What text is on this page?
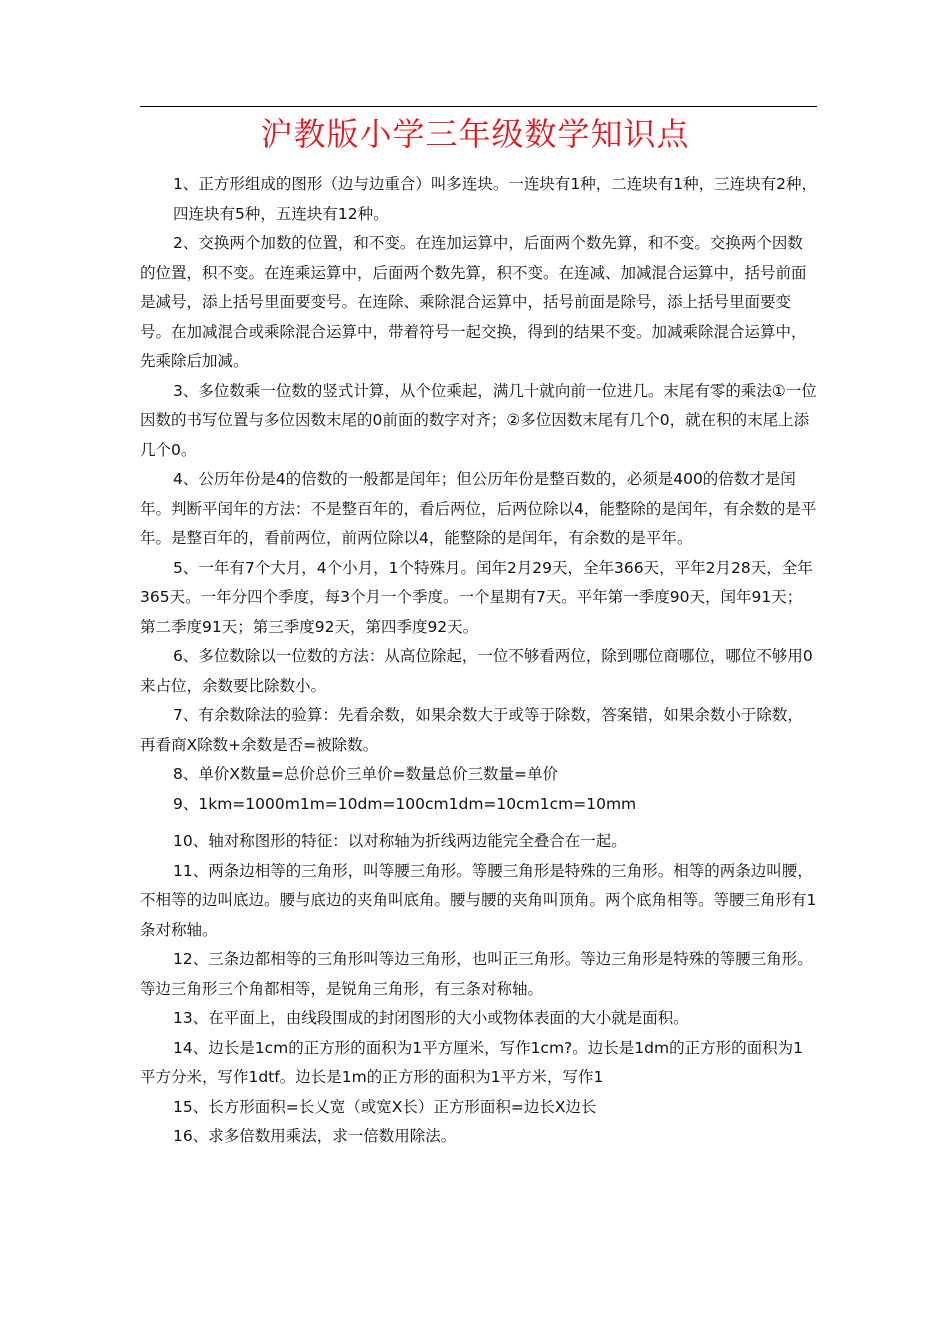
沪教版小学三年级数学知识点

1、正方形组成的图形（边与边重合）叫多连块。一连块有1种，二连块有1种，三连块有2种，四连块有5种，五连块有12种。

2、交换两个加数的位置，和不变。在连加运算中，后面两个数先算，和不变。交换两个因数的位置，积不变。在连乘运算中，后面两个数先算，积不变。在连减、加减混合运算中，括号前面是减号，添上括号里面要变号。在连除、乘除混合运算中，括号前面是除号，添上括号里面要变号。在加减混合或乘除混合运算中，带着符号一起交换，得到的结果不变。加减乘除混合运算中，先乘除后加减。

3、多位数乘一位数的竖式计算，从个位乘起，满几十就向前一位进几。末尾有零的乘法①一位因数的书写位置与多位因数末尾的0前面的数字对齐；②多位因数末尾有几个0，就在积的末尾上添几个0。

4、公历年份是4的倍数的一般都是闰年；但公历年份是整百数的，必须是400的倍数才是闰年。判断平闰年的方法：不是整百年的，看后两位，后两位除以4，能整除的是闰年，有余数的是平年。是整百年的，看前两位，前两位除以4，能整除的是闰年，有余数的是平年。

5、一年有7个大月，4个小月，1个特殊月。闰年2月29天，全年366天，平年2月28天，全年365天。一年分四个季度，每3个月一个季度。一个星期有7天。平年第一季度90天，闰年91天；第二季度91天；第三季度92天，第四季度92天。

6、多位数除以一位数的方法：从高位除起，一位不够看两位，除到哪位商哪位，哪位不够用0来占位，余数要比除数小。

7、有余数除法的验算：先看余数，如果余数大于或等于除数，答案错，如果余数小于除数，再看商X除数+余数是否=被除数。

8、单价X数量=总价总价三单价=数量总价三数量=单价

9、1km=1000m1m=10dm=100cm1dm=10cm1cm=10mm

10、轴对称图形的特征：以对称轴为折线两边能完全叠合在一起。

11、两条边相等的三角形，叫等腰三角形。等腰三角形是特殊的三角形。相等的两条边叫腰，不相等的边叫底边。腰与底边的夹角叫底角。腰与腰的夹角叫顶角。两个底角相等。等腰三角形有1条对称轴。

12、三条边都相等的三角形叫等边三角形，也叫正三角形。等边三角形是特殊的等腰三角形。等边三角形三个角都相等，是锐角三角形，有三条对称轴。

13、在平面上，由线段围成的封闭图形的大小或物体表面的大小就是面积。

14、边长是1cm的正方形的面积为1平方厘米，写作1cm?。边长是1dm的正方形的面积为1平方分米，写作1dtf。边长是1m的正方形的面积为1平方米，写作1

15、长方形面积=长乂宽（或宽X长）正方形面积=边长X边长

16、求多倍数用乘法，求一倍数用除法。
